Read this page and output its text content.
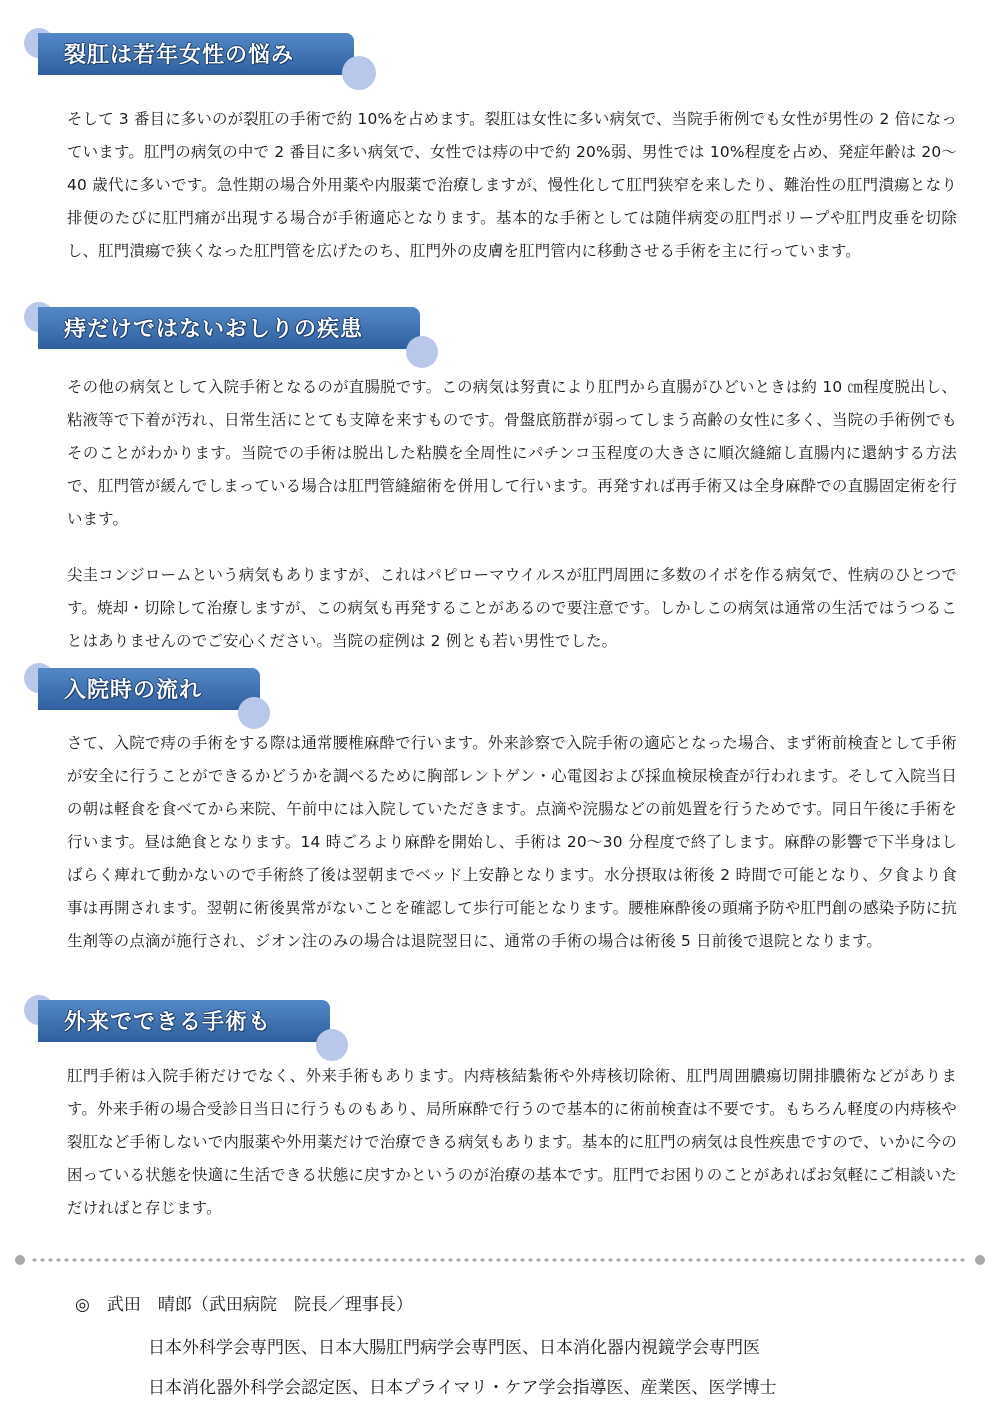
裂肛は若年女性の悩み

そして 3 番目に多いのが裂肛の手術で約 10%を占めます。裂肛は女性に多い病気で、当院手術例でも女性が男性の 2 倍になっています。肛門の病気の中で 2 番目に多い病気で、女性では痔の中で約 20%弱、男性では 10%程度を占め、発症年齢は 20～40 歳代に多いです。急性期の場合外用薬や内服薬で治療しますが、慢性化して肛門狭窄を来したり、難治性の肛門潰瘍となり排便のたびに肛門痛が出現する場合が手術適応となります。基本的な手術としては随伴病変の肛門ポリープや肛門皮垂を切除し、肛門潰瘍で狭くなった肛門管を広げたのち、肛門外の皮膚を肛門管内に移動させる手術を主に行っています。

痔だけではないおしりの疾患

その他の病気として入院手術となるのが直腸脱です。この病気は努責により肛門から直腸がひどいときは約 10 ㎝程度脱出し、粘液等で下着が汚れ、日常生活にとても支障を来すものです。骨盤底筋群が弱ってしまう高齢の女性に多く、当院の手術例でもそのことがわかります。当院での手術は脱出した粘膜を全周性にパチンコ玉程度の大きさに順次縫縮し直腸内に還納する方法で、肛門管が緩んでしまっている場合は肛門管縫縮術を併用して行います。再発すれば再手術又は全身麻酔での直腸固定術を行います。

尖圭コンジロームという病気もありますが、これはパピローマウイルスが肛門周囲に多数のイボを作る病気で、性病のひとつです。焼却・切除して治療しますが、この病気も再発することがあるので要注意です。しかしこの病気は通常の生活ではうつることはありませんのでご安心ください。当院の症例は 2 例とも若い男性でした。

入院時の流れ

さて、入院で痔の手術をする際は通常腰椎麻酔で行います。外来診察で入院手術の適応となった場合、まず術前検査として手術が安全に行うことができるかどうかを調べるために胸部レントゲン・心電図および採血検尿検査が行われます。そして入院当日の朝は軽食を食べてから来院、午前中には入院していただきます。点滴や浣腸などの前処置を行うためです。同日午後に手術を行います。昼は絶食となります。14 時ごろより麻酔を開始し、手術は 20～30 分程度で終了します。麻酔の影響で下半身はしばらく痺れて動かないので手術終了後は翌朝までベッド上安静となります。水分摂取は術後 2 時間で可能となり、夕食より食事は再開されます。翌朝に術後異常がないことを確認して歩行可能となります。腰椎麻酔後の頭痛予防や肛門創の感染予防に抗生剤等の点滴が施行され、ジオン注のみの場合は退院翌日に、通常の手術の場合は術後 5 日前後で退院となります。

外来でできる手術も

肛門手術は入院手術だけでなく、外来手術もあります。内痔核結紮術や外痔核切除術、肛門周囲膿瘍切開排膿術などがあります。外来手術の場合受診日当日に行うものもあり、局所麻酔で行うので基本的に術前検査は不要です。もちろん軽度の内痔核や裂肛など手術しないで内服薬や外用薬だけで治療できる病気もあります。基本的に肛門の病気は良性疾患ですので、いかに今の困っている状態を快適に生活できる状態に戻すかというのが治療の基本です。肛門でお困りのことがあればお気軽にご相談いただければと存じます。

◎　武田　晴郎（武田病院　院長／理事長）

日本外科学会専門医、日本大腸肛門病学会専門医、日本消化器内視鏡学会専門医

日本消化器外科学会認定医、日本プライマリ・ケア学会指導医、産業医、医学博士
